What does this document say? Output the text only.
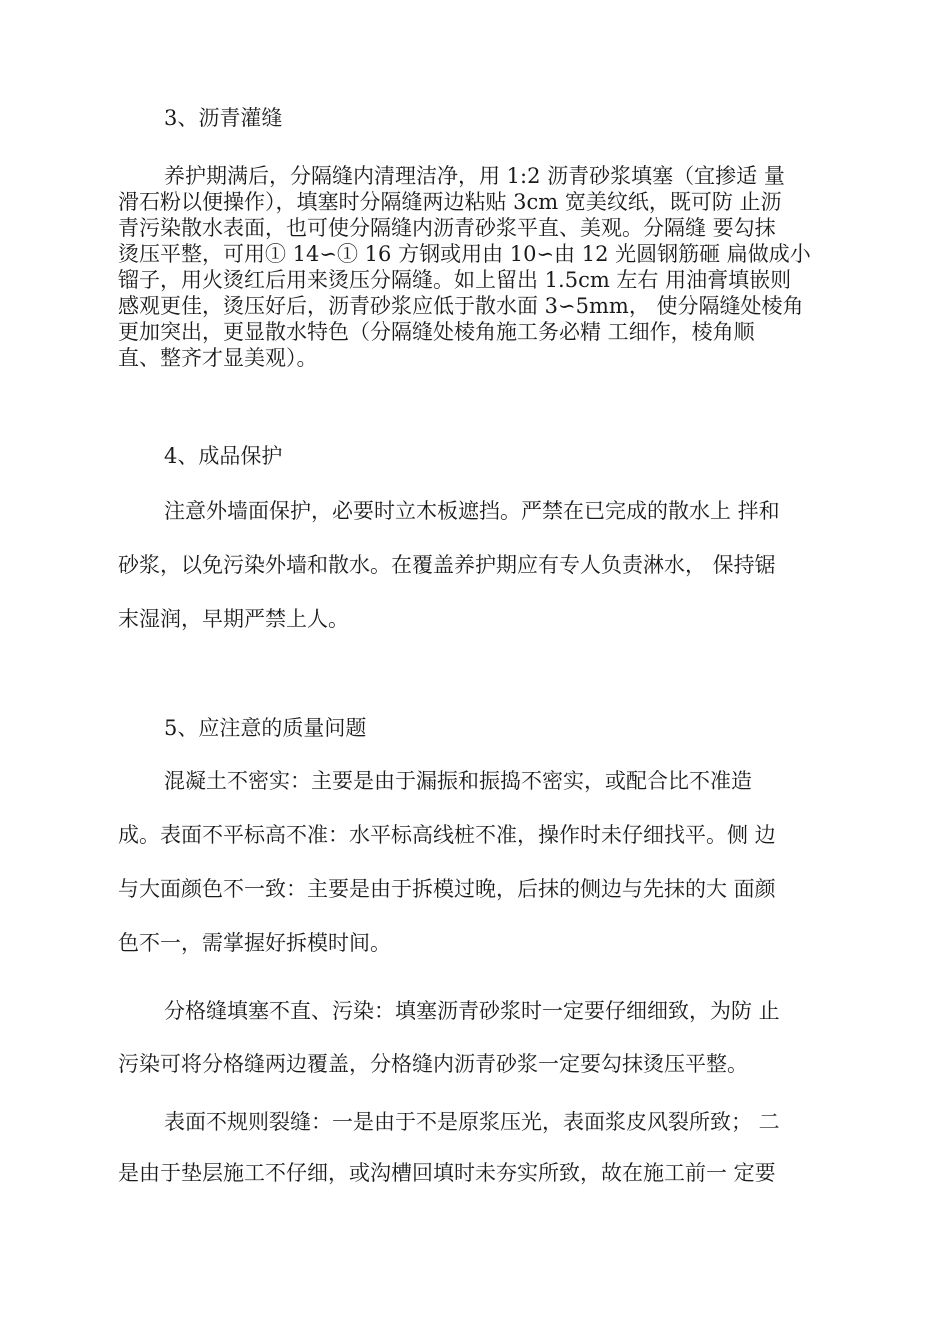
3、沥青灌缝
养护期满后，分隔缝内清理洁净，用 1:2 沥青砂浆填塞（宜掺适 量
滑石粉以便操作），填塞时分隔缝两边粘贴 3cm 宽美纹纸，既可防 止沥
青污染散水表面，也可使分隔缝内沥青砂浆平直、美观。分隔缝 要勾抹
烫压平整，可用① 14∽① 16 方钢或用由 10∽由 12 光圆钢筋砸 扁做成小
镏子，用火烫红后用来烫压分隔缝。如上留出 1.5cm 左右 用油膏填嵌则
感观更佳，烫压好后，沥青砂浆应低于散水面 3∽5mm， 使分隔缝处棱角
更加突出，更显散水特色（分隔缝处棱角施工务必精 工细作，棱角顺
直、整齐才显美观）。
4、成品保护
注意外墙面保护，必要时立木板遮挡。严禁在已完成的散水上 拌和
砂浆，以免污染外墙和散水。在覆盖养护期应有专人负责淋水， 保持锯
末湿润，早期严禁上人。
5、应注意的质量问题
混凝土不密实：主要是由于漏振和振捣不密实，或配合比不准造
成。表面不平标高不准：水平标高线桩不准，操作时未仔细找平。侧 边
与大面颜色不一致：主要是由于拆模过晚，后抹的侧边与先抹的大 面颜
色不一，需掌握好拆模时间。
分格缝填塞不直、污染：填塞沥青砂浆时一定要仔细细致，为防 止
污染可将分格缝两边覆盖，分格缝内沥青砂浆一定要勾抹烫压平整。
表面不规则裂缝：一是由于不是原浆压光，表面浆皮风裂所致； 二
是由于垫层施工不仔细，或沟槽回填时未夯实所致，故在施工前一 定要
